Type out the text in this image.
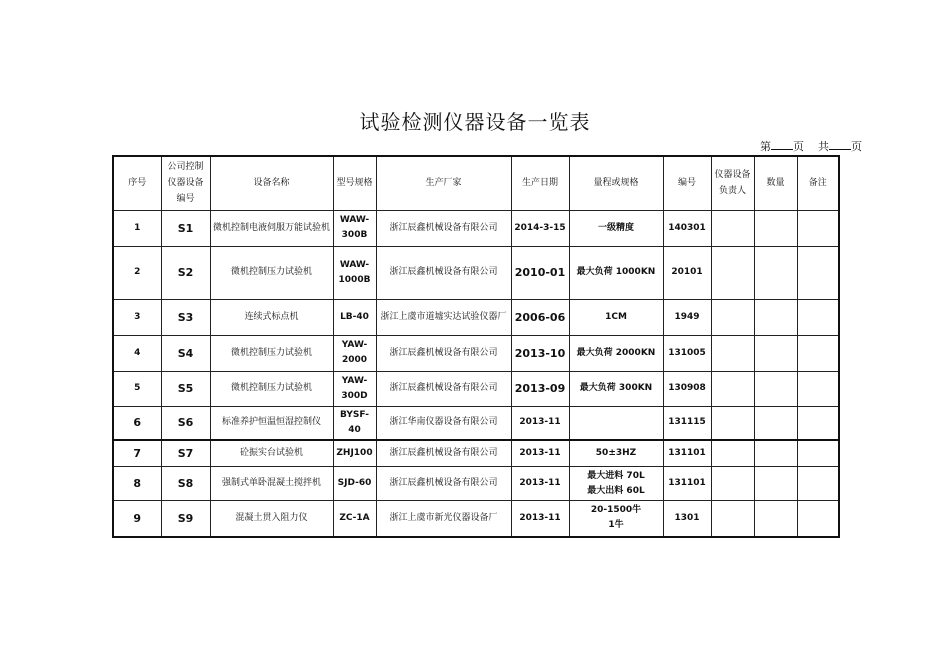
试验检测仪器设备一览表
第 页 共 页
序号	公司控制仪器设备编号	设备名称	型号规格	生产厂家	生产日期	量程或规格	编号	仪器设备负责人	数量	备注
1	S1	微机控制电液伺服万能试验机	WAW-300B	浙江辰鑫机械设备有限公司	2014-3-15	一级精度	140301			
2	S2	微机控制压力试验机	WAW-1000B	浙江辰鑫机械设备有限公司	2010-01	最大负荷 1000KN	20101			
3	S3	连续式标点机	LB-40	浙江上虞市道墟实达试验仪器厂	2006-06	1CM	1949			
4	S4	微机控制压力试验机	YAW-2000	浙江辰鑫机械设备有限公司	2013-10	最大负荷 2000KN	131005			
5	S5	微机控制压力试验机	YAW-300D	浙江辰鑫机械设备有限公司	2013-09	最大负荷 300KN	130908			
6	S6	标准养护恒温恒湿控制仪	BYSF-40	浙江华南仪器设备有限公司	2013-11		131115			
7	S7	砼振实台试验机	ZHJ100	浙江辰鑫机械设备有限公司	2013-11	50±3HZ	131101			
8	S8	强制式单卧混凝土搅拌机	SJD-60	浙江辰鑫机械设备有限公司	2013-11	最大进料 70L
最大出料 60L	131101			
9	S9	混凝土贯入阻力仪	ZC-1A	浙江上虞市新光仪器设备厂	2013-11	20-1500牛
1牛	1301			
